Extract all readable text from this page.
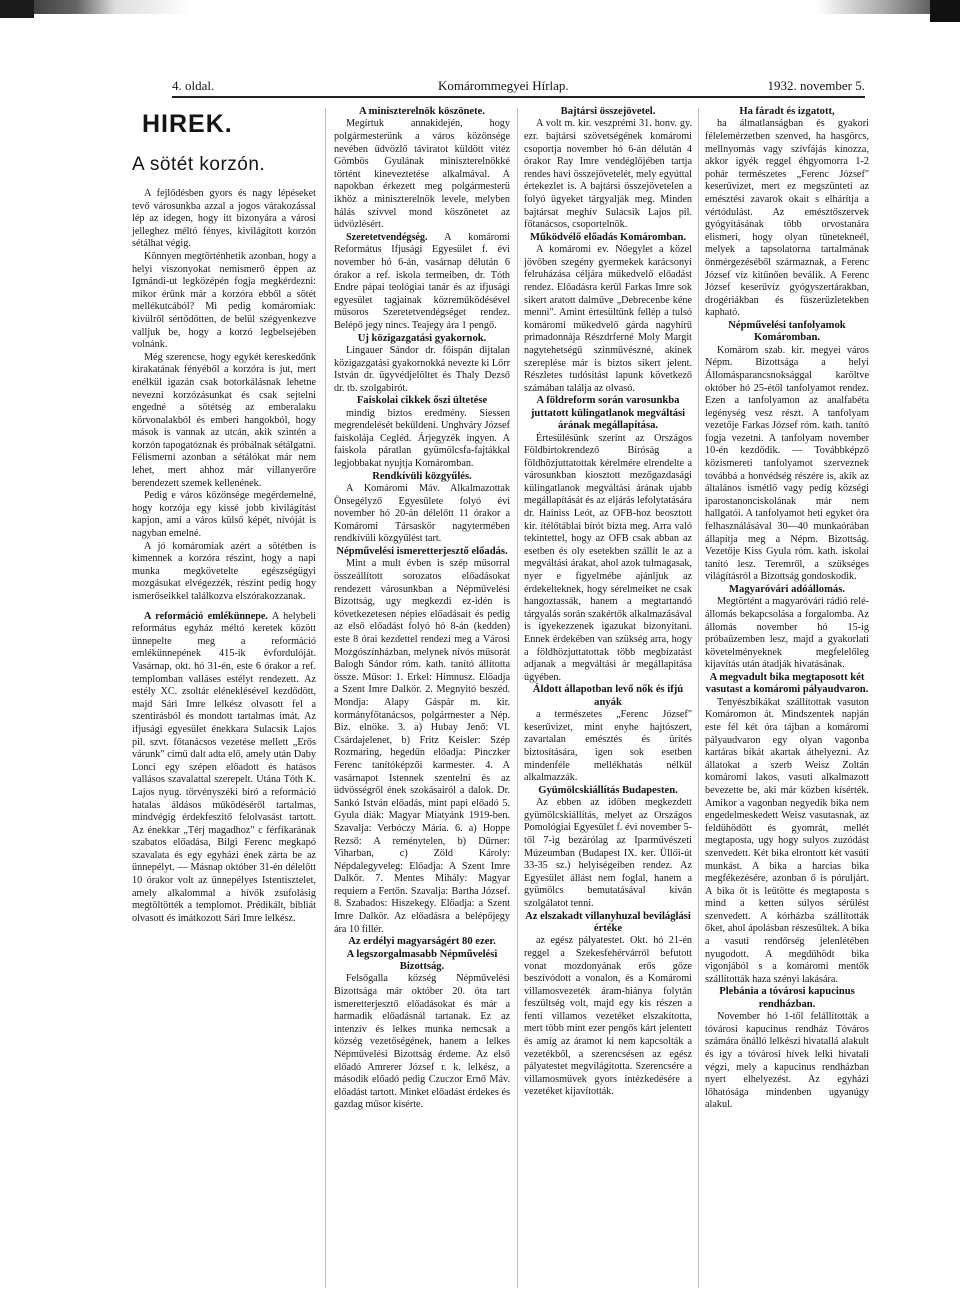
4. oldal.	Komárommegyei Hírlap.	1932. november 5.
HIREK.
A sötét korzón.

A fejlődésben gyors és nagy lépéseket tevő városunkba azzal a jogos várakozással lép az idegen, hogy itt bizonyára a városi jelleghez méltó fényes, kivilágított korzón sétálhat végig.

Könnyen megtörténhetik azonban, hogy a helyi viszonyokat nemismerő éppen az Igmándi-ut legközépén fogja megkérdezni: mikor érünk már a korzóra ebből a sötét mellékutcából? Mi pedig komáromiak: kivülről sértődötten, de belül szégyenkezve valljuk be, hogy a korzó legbelsejében volnánk.

Még szerencse, hogy egykét kereskedőnk kirakatának fényéből a korzóra is jut, mert enélkül igazán csak botorkálásnak lehetne nevezni korzózásunkat és csak sejtelni engedné a sötétség az emberalaku körvonalakból és emberi hangokból, hogy mások is vannak az utcán, akik szintén a korzón tapogatóznak és próbálnak sétálgatni. Félismerni azonban a sétálókat már nem lehet, mert ahhoz már villanyerőre berendezett szemek kellenének.

Pedig e város közönsége megérdemelné, hogy korzója egy kissé jobb kivilágítást kapjon, ami a város külső képét, nívóját is nagyban emelné.

A jó komáromiak azért a sötétben is kimennek a korzóra részint, hogy a napi munka megkövetelte egészségügyi mozgásukat elvégezzék, részint pedig hogy ismerőseikkel találkozva elszórakozzanak.

A reformáció emlékünnepe. A helybeli református egyház méltó keretek között ünnepelte meg a reformáció emlékünnepének 415-ik évfordulóját. Vasárnap, okt. hó 31-én, este 6 órakor a ref. templomban valláses estélyt rendezett. Az estély XC. zsoltár eléneklésével kezdődött, majd Sári Imre lelkész olvasott fel a szentirásból és mondott tartalmas imát. Az ifjusági egyesület énekkara Sulacsik Lajos pil. szvt. főtanácsos vezetése mellett „Erős várunk" cimű dalt adta elő, amely után Daby Lonci egy szépen előadott és hatásos vallásos szavalattal szerepelt. Utána Tóth K. Lajos nyug. törvényszéki biró a reformáció hatalas áldásos működéséről tartalmas, mindvégig érdekfeszitő felolvasást tartott. Az énekkar „Térj magadhoz" c férfikarának szabatos előadása, Bilgi Ferenc megkapó szavalata és egy egyházi ének zárta be az ünnepélyt. — Másnap október 31-én délelőtt 10 órakor volt az ünnepélyes Istentisztelet, amely alkalommal a hívők zsufolásig megtöltötték a templomot. Prédikált, bibliát olvasott és imátkozott Sári Imre lelkész.

A miniszterelnök köszönete.

Megírtuk annakidején, hogy polgármesterünk a város közönsége nevében üdvözlő táviratot küldött vitéz Gömbös Gyulának miniszterelnökké történt kineveztetése alkalmával. A napokban érkezett meg polgármesterü ikhöz a miniszterelnök levele, melyben hálás szívvel mond köszönetet az üdvözlésért.

Szeretetvendégség. A komáromi Református Ifjusági Egyesület f. évi november hó 6-án, vasárnap délután 6 órakor a ref. iskola termeiben, dr. Tóth Endre pápai teológiai tanár és az ifjusági egyesület tagjainak közreműködésével műsoros Szeretetvendégséget rendez. Belépő jegy nincs. Teajegy ára 1 pengő.

Uj közigazgatási gyakornok.

Lingauer Sándor dr. főispán dijtalan közigazgatási gyakornokká nevezte ki Lőrr István dr. ügyvédjelöltet és Thaly Dezső dr. tb. szolgabirót.

Faiskolai cikkek őszi ültetése

mindig biztos eredmény. Siessen megrendelését bekűldeni. Unghváry József faiskolája Cegléd. Árjegyzék ingyen. A faiskola páratlan gyümölcsfa-fajtákkal legjobbakat nyujtja Komáromban.

Rendkívüli közgyűlés.

A Komáromi Máv. Alkalmazottak Önsegélyző Egyesülete folyó évi november hó 20-án délelőtt 11 órakor a Komáromi Társaskör nagytermében rendkívüli közgyűlést tart.

Népművelési ismeretterjesztő előadás.

Mint a mult évben is szép műsorral összeállított sorozatos előadásokat rendezett városunkban a Népművelési Bizottság, ugy megkezdi ez-idén is következetesen népies előadásait és pedig az első előadást folyó hó 8-án (kedden) este 8 órai kezdettel rendezi meg a Városi Mozgószínházban, melynek nívós műsorát Balogh Sándor róm. kath. tanító állította össze. Műsor: 1. Erkel: Himnusz. Előadja a Szent Imre Dalkör. 2. Megnyitó beszéd. Mondja: Alapy Gáspár m. kir. kormányfőtanácsos, polgármester a Nép. Biz. elnöke. 3. a) Hubay Jenő: VI. Csárdajelenet, b) Fritz Keisler: Szép Rozmaring, hegedűn előadja: Pinczker Ferenc tanítóképzői karmester. 4. A vasárnapot Istennek szentelni és az üdvösségről ének szokásairól a dalok. Dr. Sankó István előadás, mint papi előadó 5. Gyula diák: Magyar Miatyánk 1919-ben. Szavalja: Verbóczy Mária. 6. a) Hoppe Rezső: A reménytelen, b) Dürner: Viharban, c) Zöld Károly: Népdalegyveleg: Előadja: A Szent Imre Dalkör. 7. Mentes Mihály: Magyar requiem a Fertőn. Szavalja: Bartha József. 8. Szabados: Hiszekegy. Előadja: a Szent Imre Dalkör. Az előadásra a belépőjegy ára 10 fillér.

Az erdélyi magyarságért 80 ezer.
A legszorgalmasabb Népművelési Bizottság.

Felsőgalla község Népművelési Bizottsága már október 20. óta tart ismeretterjesztő előadásokat és már a harmadik előadásnál tartanak. Ez az intenzív és lelkes munka nemcsak a község vezetőségének, hanem a lelkes Népművelési Bizottság érdeme. Az első előadó Amrerer József r. k. lelkész, a második előadó pedig Czuczor Ernő Máv. előadást tartott. Minket előadást érdekes és gazdag műsor kisérte.

Bajtársi összejövetel.

A volt m. kir. veszprémi 31. honv. gy. ezr. bajtársi szövetségének komáromi csoportja november hó 6-án délután 4 órakor Ray Imre vendéglőjében tartja rendes havi összejövetelét, mely egyúttal értekezlet is. A bajtársi összejövetelen a folyó ügyeket tárgyalják meg. Minden bajtársat meghív Sulacsik Lajos pil. főtanácsos, csoportelnök.

Működvélő előadás Komáromban.

A komáromi ev. Nőegylet a közel jövőben szegény gyermekek karácsonyi felruházása céljára műkedvelő előadást rendez. Előadásra kerül Farkas Imre sok sikert aratott dalműve „Debrecenbe kéne menni". Amint értesültünk fellép a tulsó komáromi műkedvelő gárda nagyhírű primadonnája Részdrferné Moly Margit nagytehetségű szinművészné, akinek szereplése már is biztos sikert jelent. Részletes tudósítást lapunk következő számában találja az olvasó.

A földreform során varosunkba juttatott külingatlanok megváltási árának megállapítása.

Értesülésünk szerint az Országos Földbirtokrendező Bíróság a földhözjuttatottak kérelmére elrendelte a városunkban kiosztott mezőgazdasági külingatlanok megváltási árának ujabb megállapítását és az eljárás lefolytatására dr. Hainiss Leót, az OFB-hoz beosztott kir. ítélőtáblai bírót bízta meg. Arra való tekintettel, hogy az OFB csak abban az esetben és oly esetekben szállít le az a megváltási árakat, ahol azok tulmagasak, nyer e figyelmébe ajánljuk az érdekelteknek, hogy sérelmeiket ne csak hangoztassák, hanem a megtartandó tárgyalás során szakértők alkalmazásával is igyekezzenek igazukat bizonyítani. Ennek érdekében van szükség arra, hogy a földhözjuttatottak több megbízatást adjanak a megváltási ár megállapítása ügyében.

Áldott állapotban levő nők és ifjú anyák

a természetes „Ferenc József" keserűvizet, mint enyhe hajtószert, zavartalan emésztés és ürítés biztosítására, igen sok esetben mindenféle mellékhatás nélkül alkalmazzák.

Gyümölcskiállítás Budapesten.

Az ebben az időben megkezdett gyümölcskiállítás, melyet az Országos Pomológiai Egyesület f. évi november 5-től 7-ig bezárólag az Iparművészeti Múzeumban (Budapest IX. ker. Üllői-út 33-35 sz.) helyiségeiben rendez. Az Egyesület állást nem foglal, hanem a gyümölcs bemutatásával kíván szolgálatot tenni.

Az elszakadt villanyhuzal beviláglási értéke

az egész pályatestet. Okt. hó 21-én reggel a Szekesfehérvárról befutott vonat mozdonyának erős gőze beszívódott a vonalon, és a Komáromi villamosvezeték áram-hiánya folytán feszültség volt, majd egy kis részen a fenti villamos vezetéket elszakította, mert több mint ezer pengős kárt jelentett és amíg az áramot ki nem kapcsolták a vezetékből, a szerencsésen az egész pályatestet megvilágította. Szerencsére a villamosmüvek gyors intézkedésére a vezetéket kijavították.

Ha fáradt és izgatott,

ha álmatlanságban és gyakori félelemérzetben szenved, ha hasgörcs, mellnyomás vagy szívfájás kínozza, akkor igyék reggel éhgyomorra 1-2 pohár természetes „Ferenc József" keserűvizet, mert ez megszünteti az emésztési zavarok okait s elhárítja a vértódulást. Az emésztőszervek gyógyításának több orvostanára elismeri, hogy olyan tünetekneél, melyek a tapsolatorna tartalmának önmérgezéséből származnak, a Ferenc József víz kitűnően beválik. A Ferenc József keserűvíz gyógyszertárakban, drogériákban és füszerüzletekben kapható.

Népművelési tanfolyamok Komáromban.

Komárom szab. kir. megyei város Népm. Bizottsága a helyi Állomásparancsnoksággal karöltve október hó 25-étől tanfolyamot rendez. Ezen a tanfolyamon az analfabéta legénység vesz részt. A tanfolyam vezetője Farkas József róm. kath. tanító fogja vezetni. A tanfolyam november 10-én kezdődik. — Továbbképző közismereti tanfolyamot szerveznek továbbá a honvédség részére is, akik az általános ismétlő vagy pedig községi iparostanonciskolának már nem hallgatói. A tanfolyamot heti egyket óra felhasználásával 30—40 munkaórában állapítja meg a Népm. Bizottság. Vezetője Kiss Gyula róm. kath. iskolai tanító lesz. Teremről, a szükséges világításról a Bizottság gondoskodik.

Magyaróvári adóállomás.

Megtörtént a magyaróvári rádió relé-állomás bekapcsolása a forgalomba. Az állomás november hó 15-ig próbaüzemben lesz, majd a gyakorlati követelményeknek megfelelőleg kijavítás után átadják hivatásának.

A megvadult bika megtaposott két vasutast a komáromi pályaudvaron.

Tenyészbikákat szállítottak vasuton Komáromon át. Mindszentek napján este fél két óra tájban a komáromi pályaudvaron egy olyan vagonba kartáras bikát akartak áthelyezni. Az állatokat a szerb Weisz Zoltán komáromi lakos, vasuti alkalmazott bevezette be, aki már közben kísérték. Amikor a vagonban negyedik bika nem engedelmeskedett Weisz vasutasnak, az feldühödött és gyomrát, mellét megtaposta, ugy hogy sulyos zuzódást szenvedett. Két bika elrontott két vasúti munkást. A bika a harcias bika megfékezésére, azonban ő is póruljárt. A bika őt is leütötte és megtaposta s mind a ketten súlyos sérülést szenvedett. A kórházba szállították őket, ahol ápolásban részesültek. A bika a vasuti rendőrség jelenlétében nyugodott. A megdühödt bika vigonjából s a komáromi mentők szállították haza szényi lakására.

Plebánia a tóvárosi kapucinus rendházban.

November hó 1-től felállították a tóvárosi kapucinus rendház Tóváros számára önálló lelkészi hivatallá alakult és igy a tóvárosi hívek lelki hivatali végzi, mely a kapucinus rendházban nyert elhelyezést. Az egyházi lőhatósága mindenben ugyanúgy alakul.
